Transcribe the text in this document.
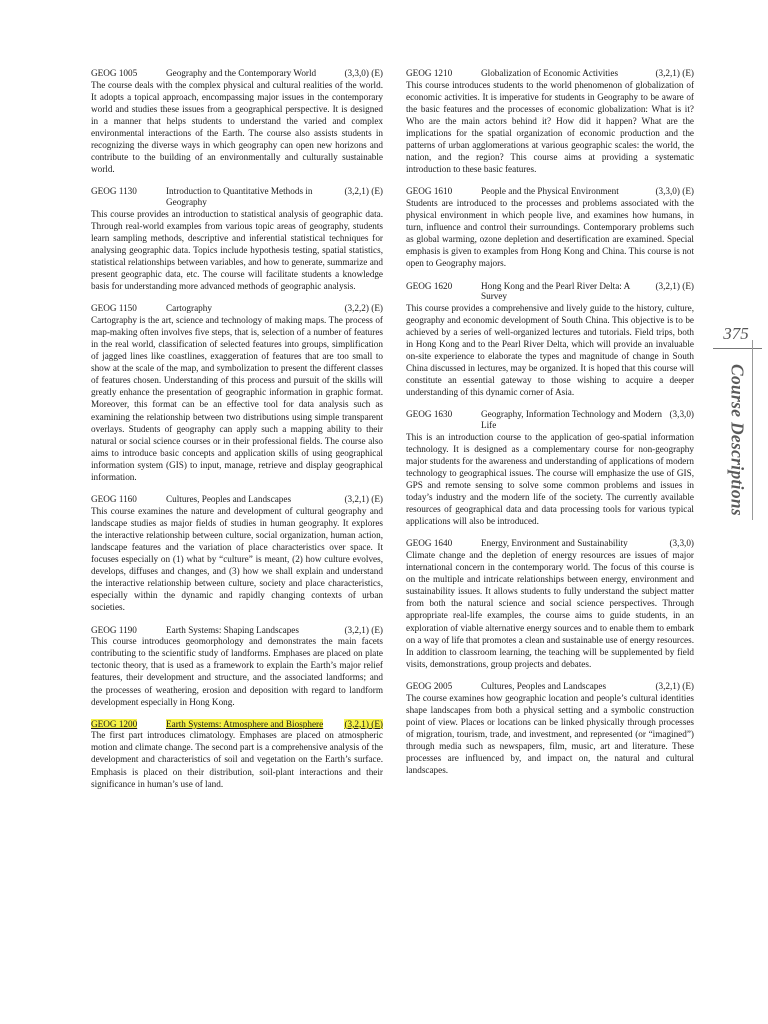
GEOG 1005	Geography and the Contemporary World	(3,3,0) (E)

The course deals with the complex physical and cultural realities of the world. It adopts a topical approach, encompassing major issues in the contemporary world and studies these issues from a geographical perspective. It is designed in a manner that helps students to understand the varied and complex environmental interactions of the Earth. The course also assists students in recognizing the diverse ways in which geography can open new horizons and contribute to the building of an environmentally and culturally sustainable world.

GEOG 1130	Introduction to Quantitative Methods in Geography
(3,2,1) (E)

This course provides an introduction to statistical analysis of geographic data. Through real-world examples from various topic areas of geography, students learn sampling methods, descriptive and inferential statistical techniques for analysing geographic data. Topics include hypothesis testing, spatial statistics, statistical relationships between variables, and how to generate, summarize and present geographic data, etc. The course will facilitate students a knowledge basis for understanding more advanced methods of geographic analysis.

GEOG 1150	Cartography	(3,2,2) (E)

Cartography is the art, science and technology of making maps. The process of map-making often involves five steps, that is, selection of a number of features in the real world, classification of selected features into groups, simplification of jagged lines like coastlines, exaggeration of features that are too small to show at the scale of the map, and symbolization to present the different classes of features chosen. Understanding of this process and pursuit of the skills will greatly enhance the presentation of geographic information in graphic format. Moreover, this format can be an effective tool for data analysis such as examining the relationship between two distributions using simple transparent overlays. Students of geography can apply such a mapping ability to their natural or social science courses or in their professional fields. The course also aims to introduce basic concepts and application skills of using geographical information system (GIS) to input, manage, retrieve and display geographical information.

GEOG 1160	Cultures, Peoples and Landscapes	(3,2,1) (E)

This course examines the nature and development of cultural geography and landscape studies as major fields of studies in human geography. It explores the interactive relationship between culture, social organization, human action, landscape features and the variation of place characteristics over space. It focuses especially on (1) what by “culture” is meant, (2) how culture evolves, develops, diffuses and changes, and (3) how we shall explain and understand the interactive relationship between culture, society and place characteristics, especially within the dynamic and rapidly changing contexts of urban societies.

GEOG 1190	Earth Systems: Shaping Landscapes	(3,2,1) (E)

This course introduces geomorphology and demonstrates the main facets contributing to the scientific study of landforms. Emphases are placed on plate tectonic theory, that is used as a framework to explain the Earth’s major relief features, their development and structure, and the associated landforms; and the processes of weathering, erosion and deposition with regard to landform development especially in Hong Kong.

GEOG 1200	Earth Systems: Atmosphere and Biosphere	(3,2,1) (E)

The first part introduces climatology. Emphases are placed on atmospheric motion and climate change. The second part is a comprehensive analysis of the development and characteristics of soil and vegetation on the Earth’s surface. Emphasis is placed on their distribution, soil-plant interactions and their significance in human’s use of land.

GEOG 1210	Globalization of Economic Activities	(3,2,1) (E)

This course introduces students to the world phenomenon of globalization of economic activities. It is imperative for students in Geography to be aware of the basic features and the processes of economic globalization: What is it? Who are the main actors behind it? How did it happen? What are the implications for the spatial organization of economic production and the patterns of urban agglomerations at various geographic scales: the world, the nation, and the region? This course aims at providing a systematic introduction to these basic features.

GEOG 1610	People and the Physical Environment	(3,3,0) (E)

Students are introduced to the processes and problems associated with the physical environment in which people live, and examines how humans, in turn, influence and control their surroundings. Contemporary problems such as global warming, ozone depletion and desertification are examined. Special emphasis is given to examples from Hong Kong and China. This course is not open to Geography majors.

GEOG 1620	Hong Kong and the Pearl River Delta: A Survey
(3,2,1) (E)

This course provides a comprehensive and lively guide to the history, culture, geography and economic development of South China. This objective is to be achieved by a series of well-organized lectures and tutorials. Field trips, both in Hong Kong and to the Pearl River Delta, which will provide an invaluable on-site experience to elaborate the types and magnitude of change in South China discussed in lectures, may be organized. It is hoped that this course will constitute an essential gateway to those wishing to acquire a deeper understanding of this dynamic corner of Asia.

GEOG 1630	Geography, Information Technology and Modern Life
(3,3,0)

This is an introduction course to the application of geo-spatial information technology. It is designed as a complementary course for non-geography major students for the awareness and understanding of applications of modern technology to geographical issues. The course will emphasize the use of GIS, GPS and remote sensing to solve some common problems and issues in today’s industry and the modern life of the society. The currently available resources of geographical data and data processing tools for various typical applications will also be introduced.

GEOG 1640	Energy, Environment and Sustainability	(3,3,0)

Climate change and the depletion of energy resources are issues of major international concern in the contemporary world. The focus of this course is on the multiple and intricate relationships between energy, environment and sustainability issues. It allows students to fully understand the subject matter from both the natural science and social science perspectives. Through appropriate real-life examples, the course aims to guide students, in an exploration of viable alternative energy sources and to enable them to embark on a way of life that promotes a clean and sustainable use of energy resources. In addition to classroom learning, the teaching will be supplemented by field visits, demonstrations, group projects and debates.

GEOG 2005	Cultures, Peoples and Landscapes	(3,2,1) (E)

The course examines how geographic location and people’s cultural identities shape landscapes from both a physical setting and a symbolic construction point of view. Places or locations can be linked physically through processes of migration, tourism, trade, and investment, and represented (or “imagined”) through media such as newspapers, film, music, art and literature. These processes are influenced by, and impact on, the natural and cultural landscapes.

375
Course Descriptions
